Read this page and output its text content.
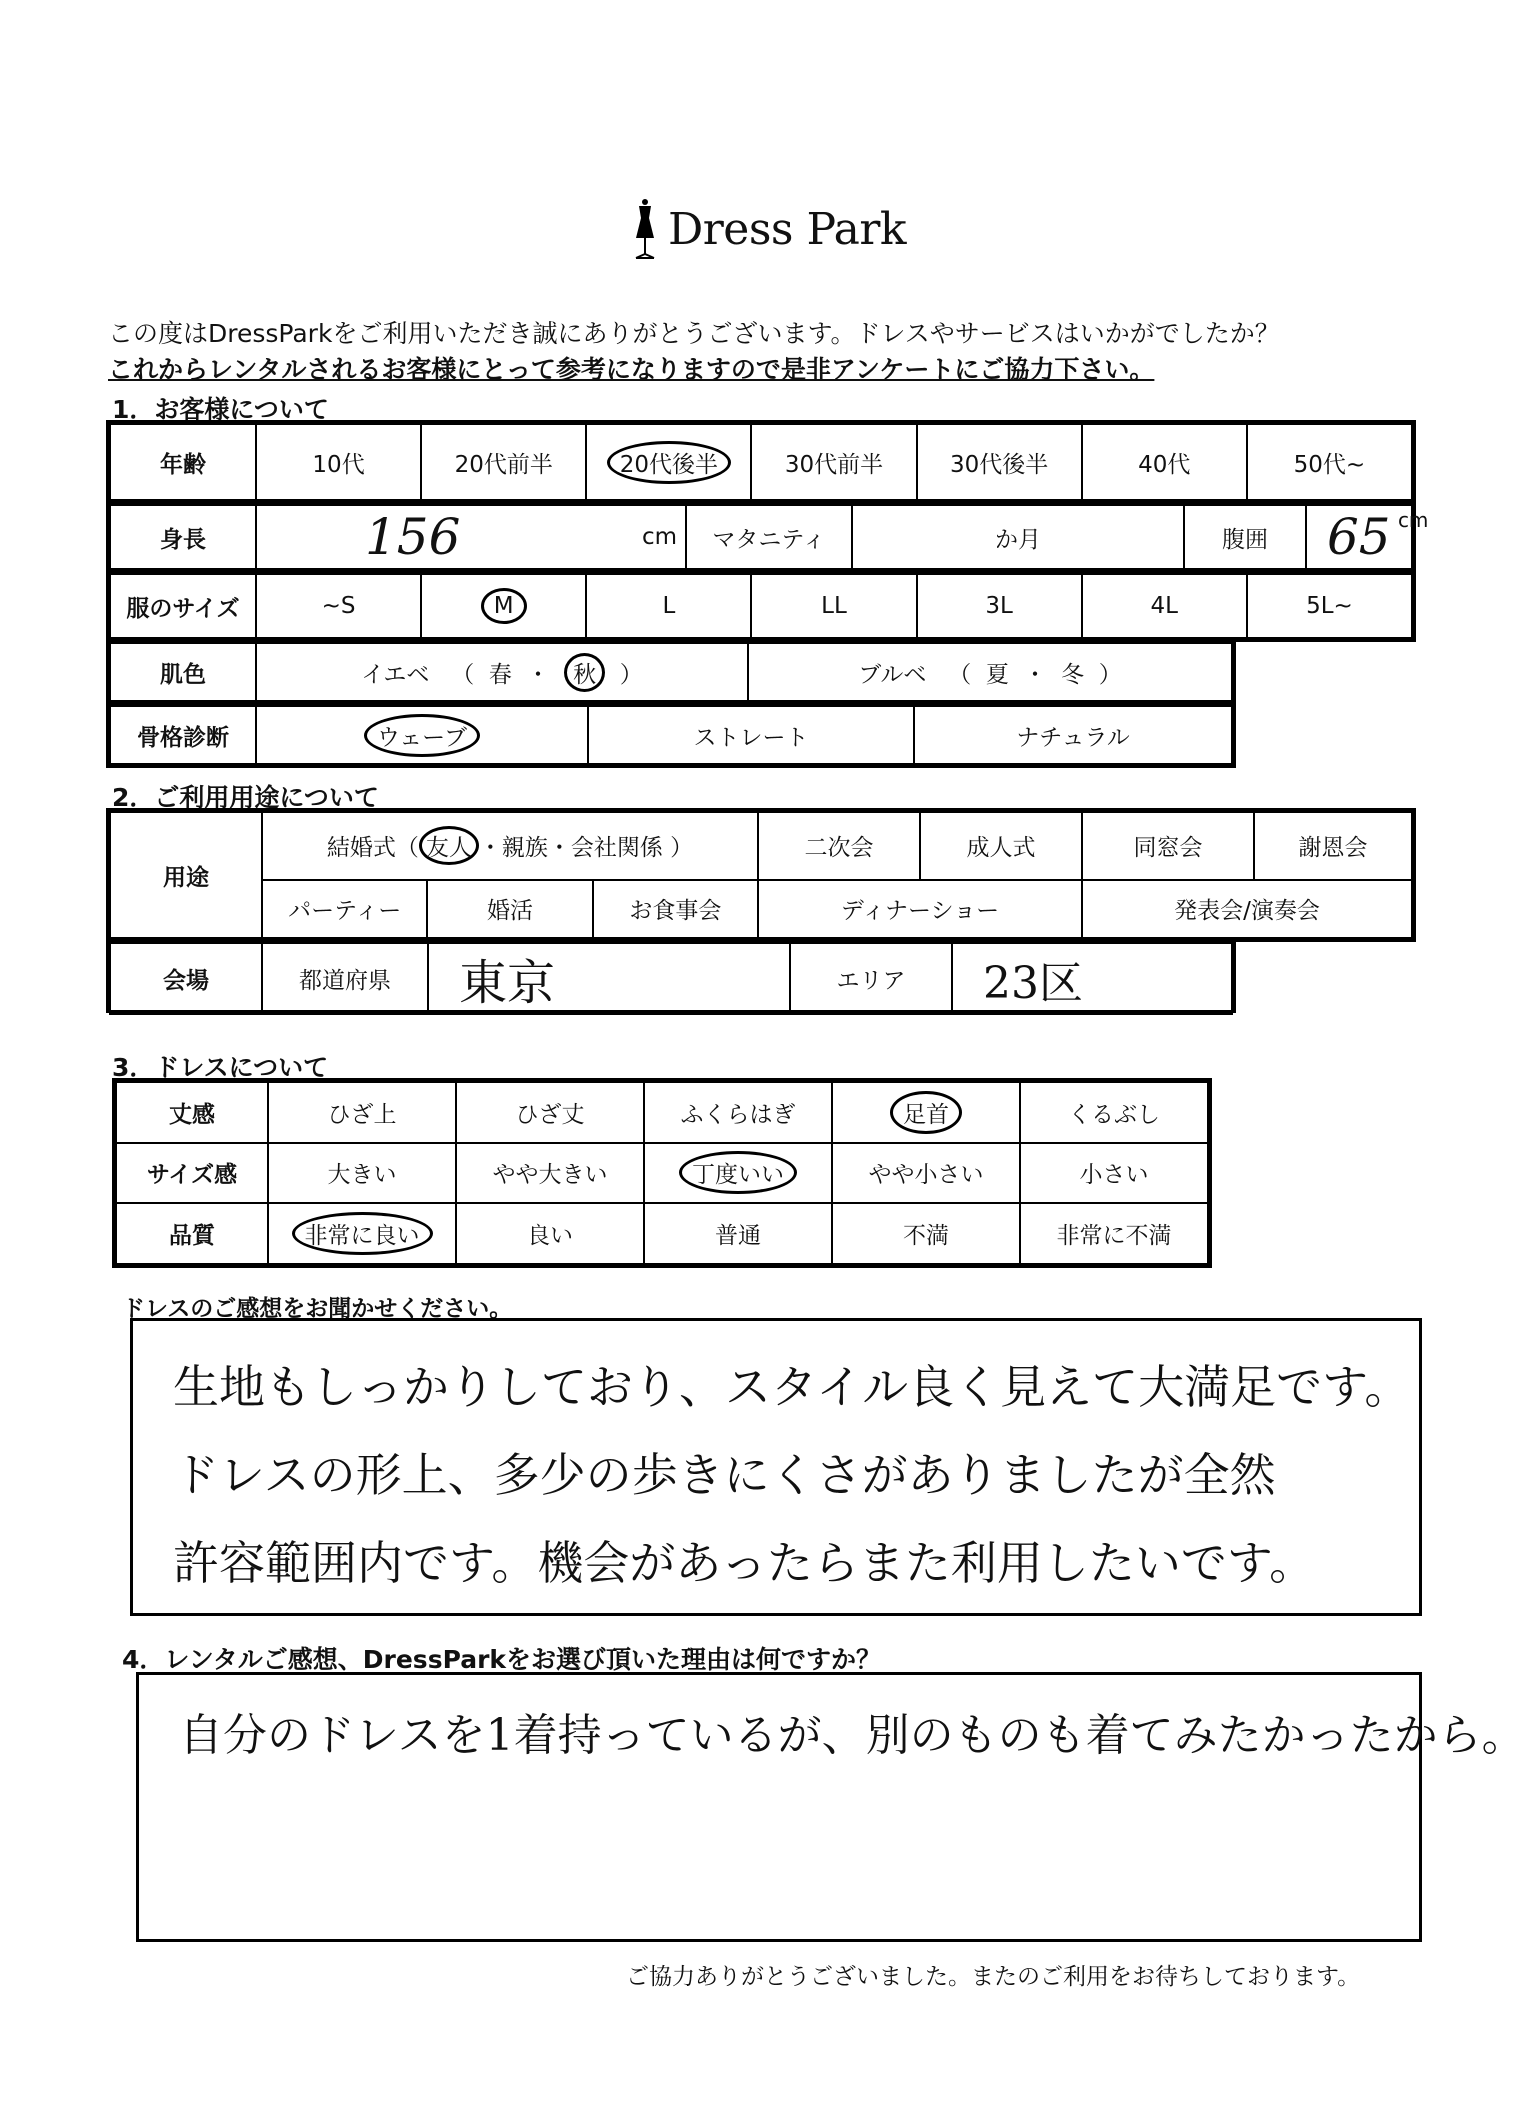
Dress Park
この度はDressParkをご利用いただき誠にありがとうございます。ドレスやサービスはいかがでしたか？
これからレンタルされるお客様にとって参考になりますので是非アンケートにご協力下さい。
1．お客様について
年齢	10代	20代前半	20代後半	30代前半	30代後半	40代	50代~
身長	156	cm	マタニティ	か月	腹囲	65 cm
服のサイズ	~S	M	L	LL	3L	4L	5L~
肌色	イエベ （ 春 ・ 秋 ）	ブルベ （ 夏 ・ 冬 ）
骨格診断	ウェーブ	ストレート	ナチュラル
2．ご利用用途について
用途	結婚式（ 友人 ・親族・会社関係 ）			二次会	成人式	同窓会	謝恩会
	パーティー	婚活	お食事会	ディナーショー		発表会/演奏会	
会場	都道府県	東京	エリア	23区
3．ドレスについて
丈感	ひざ上	ひざ丈	ふくらはぎ	足首	くるぶし
サイズ感	大きい	やや大きい	丁度いい	やや小さい	小さい
品質	非常に良い	良い	普通	不満	非常に不満
ドレスのご感想をお聞かせください。
生地もしっかりしており、スタイル良く見えて大満足です。
ドレスの形上、多少の歩きにくさがありましたが全然
許容範囲内です。機会があったらまた利用したいです。
4．レンタルご感想、DressParkをお選び頂いた理由は何ですか？
自分のドレスを1着持っているが、別のものも着てみたかったから。
ご協力ありがとうございました。またのご利用をお待ちしております。
